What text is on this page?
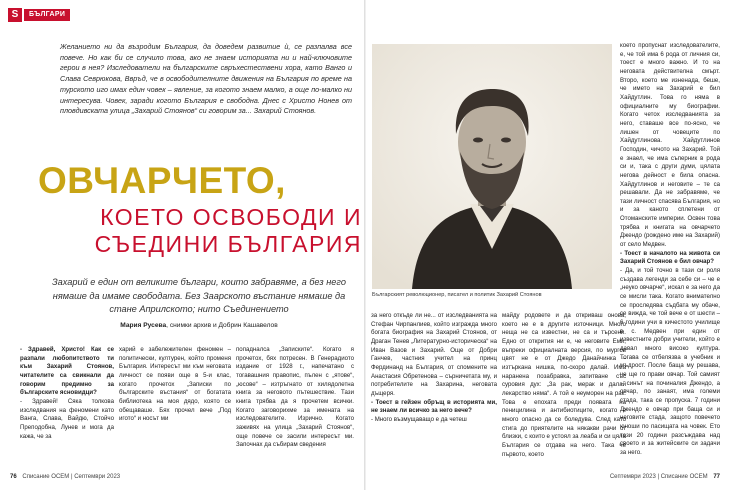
S	БЪЛГАРИ

Желанието ни да възродим България, да доведем развитие ѝ, се разпалва все повече. Но как би се случило това, ако не знаем историята ни и най-ключовите герои в нея? Изследователи на българските свръхестествени хора, като Ванго и Слава Севрюкова, Ввръд, че в освободителните движения на България по време на турското иго имах един човек – явление, за когото знаем малко, а още по-малко ни интересува. Човек, заради когото България е свободна. Днес с Христо Нонев от пловдивската улица „Захарий Стоянов“ си говорим за... Захарий Стоянов.

ОВЧАРЧЕТО,
КОЕТО ОСВОБОДИ И
СЪЕДИНИ БЪЛГАРИЯ

Захарий е един от великите българи, които забравяме, а без него нямаше да имаме свободата. Без Заарското въстание нямаше да стане Априлското; нито Съединението

Мария Русева, снимки архив и Добрин Кашавелов

- Здравей, Христо! Как се разпали любопитството ти към Захарий Стоянов, читателите са свикнали да говорим предимно за българските ясновидци?

- Здравей! Сяка толкова изследвания на феномени като Ванга, Слава, Вайдю, Стойчо Преподобна, Лунев и мога да кажа, че за

харий е забележителен феномен – политически, културен, който променя България. Интересът ми към неговата личност се появи още в 5-и клас, когато прочетох „Записки по българските въстания“ от богатата библиотека на моя дядо, която се обещаваше. Бях прочел вече „Под игото“ и носът ми
попадналса „Записките“. Когато я прочетох, бях потресен. В Генерадиото издание от 1928 г., напечатано с тогавашния правопис, пълен с „ятове“, „юсове“ – изтръгнато от хилядолетна книга за неговото пътешествие. Тази книга трябва да я прочетем всички. Когато заговорихме за имената на изследователите. Изрично. Когато заживях на улица „Захарий Стоянов“, още повече се засили интересът ми. Започнах да събирам сведения

Българският революционер, писател и политик Захарий Стоянов

за него откъде ли не... от изследванията на Стефан Чирпанлиев, който изгражда много богата биография на Захарий Стоянов, от Драган Тенев „Литературно-историческа“ на Иван Вазов и Захарий. Още от Добри Ганчев, частния учител на принц Фердинанд на България, от спомените на Анастасия Обретенова – сърничетата му, и потребителите на Захарина, неговата дъщеря.

- Тоест в гейзен обръщ в историята ми, не знаем ли всичко за него вече?

- Много възмущаващо е да четеш

майду родовете и да откриваш онова, което не е в другите източници. Много неща не са известни, не са и търсени. Едно от открития ни е, че неговите Еми, въпреки официалната версия, по мургов цвят не е от Джедо Данайчинка – изтъркана нишка, по-скоро далай. Има наранена позабравка, запитване със суровия дух: „За рак, мерак и далай лекарство няма“. А той е неуморен на рак. Това е епохата преди появата на пеницилина и антибиотиците, когато е много опасно да се боледува. След като стига до приятелите на някакви рачи от близки, с които е устоял за леаба и си цяла България се отдава на него. Така че първото, което

което пропуснат изследователите, е, че той има 6 рода от личния си, тоест е много важно. И то на неговата действителна смърт. Второ, което ме изненада, беше, че името на Захарий е бил Хайдутлин. Това го няма в официалните му биографии. Когато четох изследванията за него, ставаше все по-ясно, че лишен от човеците по Хайдутлинова. Хайдутлинов Господин, чичото на Захарий. Той е знаел, че има съперник в рода си и, така с други думи, цялата негова дейност е била опасна. Хайдутлинов и неговите – те са решавали. Да не забравяме, че тази личност спасява България, но и за каното сплетени от Отоманските империи. Освен това трябва и книгата на овчарчето Джендо (рождено име на Захарий) от село Медвен.

- Тоест в началото на живота си Захарий Стоянов е бил овчар?

- Да, и той точно в тази си роля създава легенди за себе си – че е „неуко овчарче“, искал е за него да се мисли така. Когато внимателно се проследява съдбата му обаче, се вижда, че той вече е от шести – 6 години учи в кичестото училище в с. Медвен при един от известните добри учители, който е давал много високо култура. Тогава се отбелязва в учебник и мъдрост. После баща му решава, че ще го прави овчар. Той самият – синът на починалия Джендо, а овчар, по занаят, има големи стада, така се пропуска. 7 години Джендо е овчар при баща си и неговите стада, защото повечето юноши по пасищата на човек. Ето тези 20 години разсъждава над своето и за житейските си задачи за него.

76 Списание ОСЕМ | Септември 2023	Септември 2023 | Списание ОСЕМ 77
